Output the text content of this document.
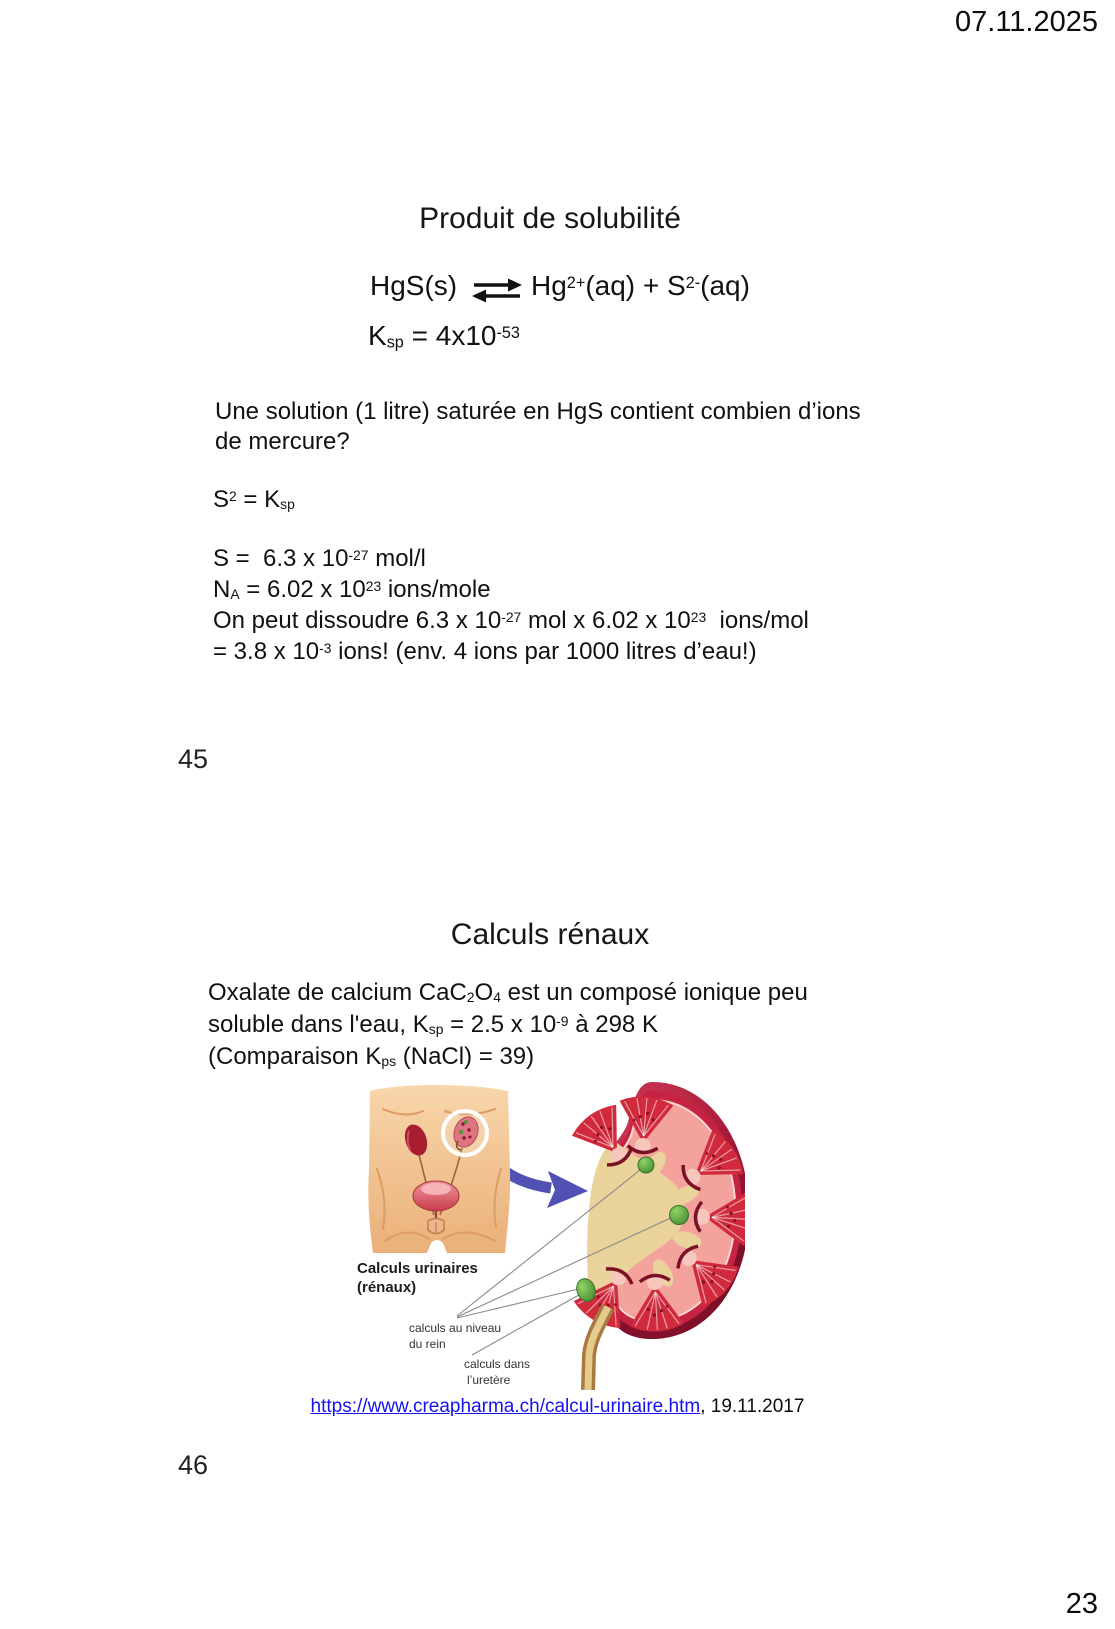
07.11.2025
Produit de solubilité
HgS(s) ⇌ $Hg^{2+}(aq) + S^{2-}(aq)$
$K_{sp} = 4x10^{-53}$
Une solution (1 litre) saturée en HgS contient combien d’ions
de mercure?
$S^2 = K_{sp}$
S =  6.3 x $10^{-27}$ mol/l
$N_A = 6.02$ x $10^{23}$ ions/mole
On peut dissoudre 6.3 x $10^{-27}$ mol x 6.02 x $10^{23}$  ions/mol
= 3.8 x $10^{-3}$ ions! (env. 4 ions par 1000 litres d’eau!)
45
Calculs rénaux
Oxalate de calcium $CaC_2O_4$ est un composé ionique peu
soluble dans l'eau, $K_{sp} = 2.5$ x $10^{-9}$ à 298 K
(Comparaison $K_{ps}$ (NaCl) = 39)
Calculs urinaires
(rénaux)
calculs au niveau
du rein
calculs dans
l’uretère
https://www.creapharma.ch/calcul-urinaire.htm, 19.11.2017
46
23
